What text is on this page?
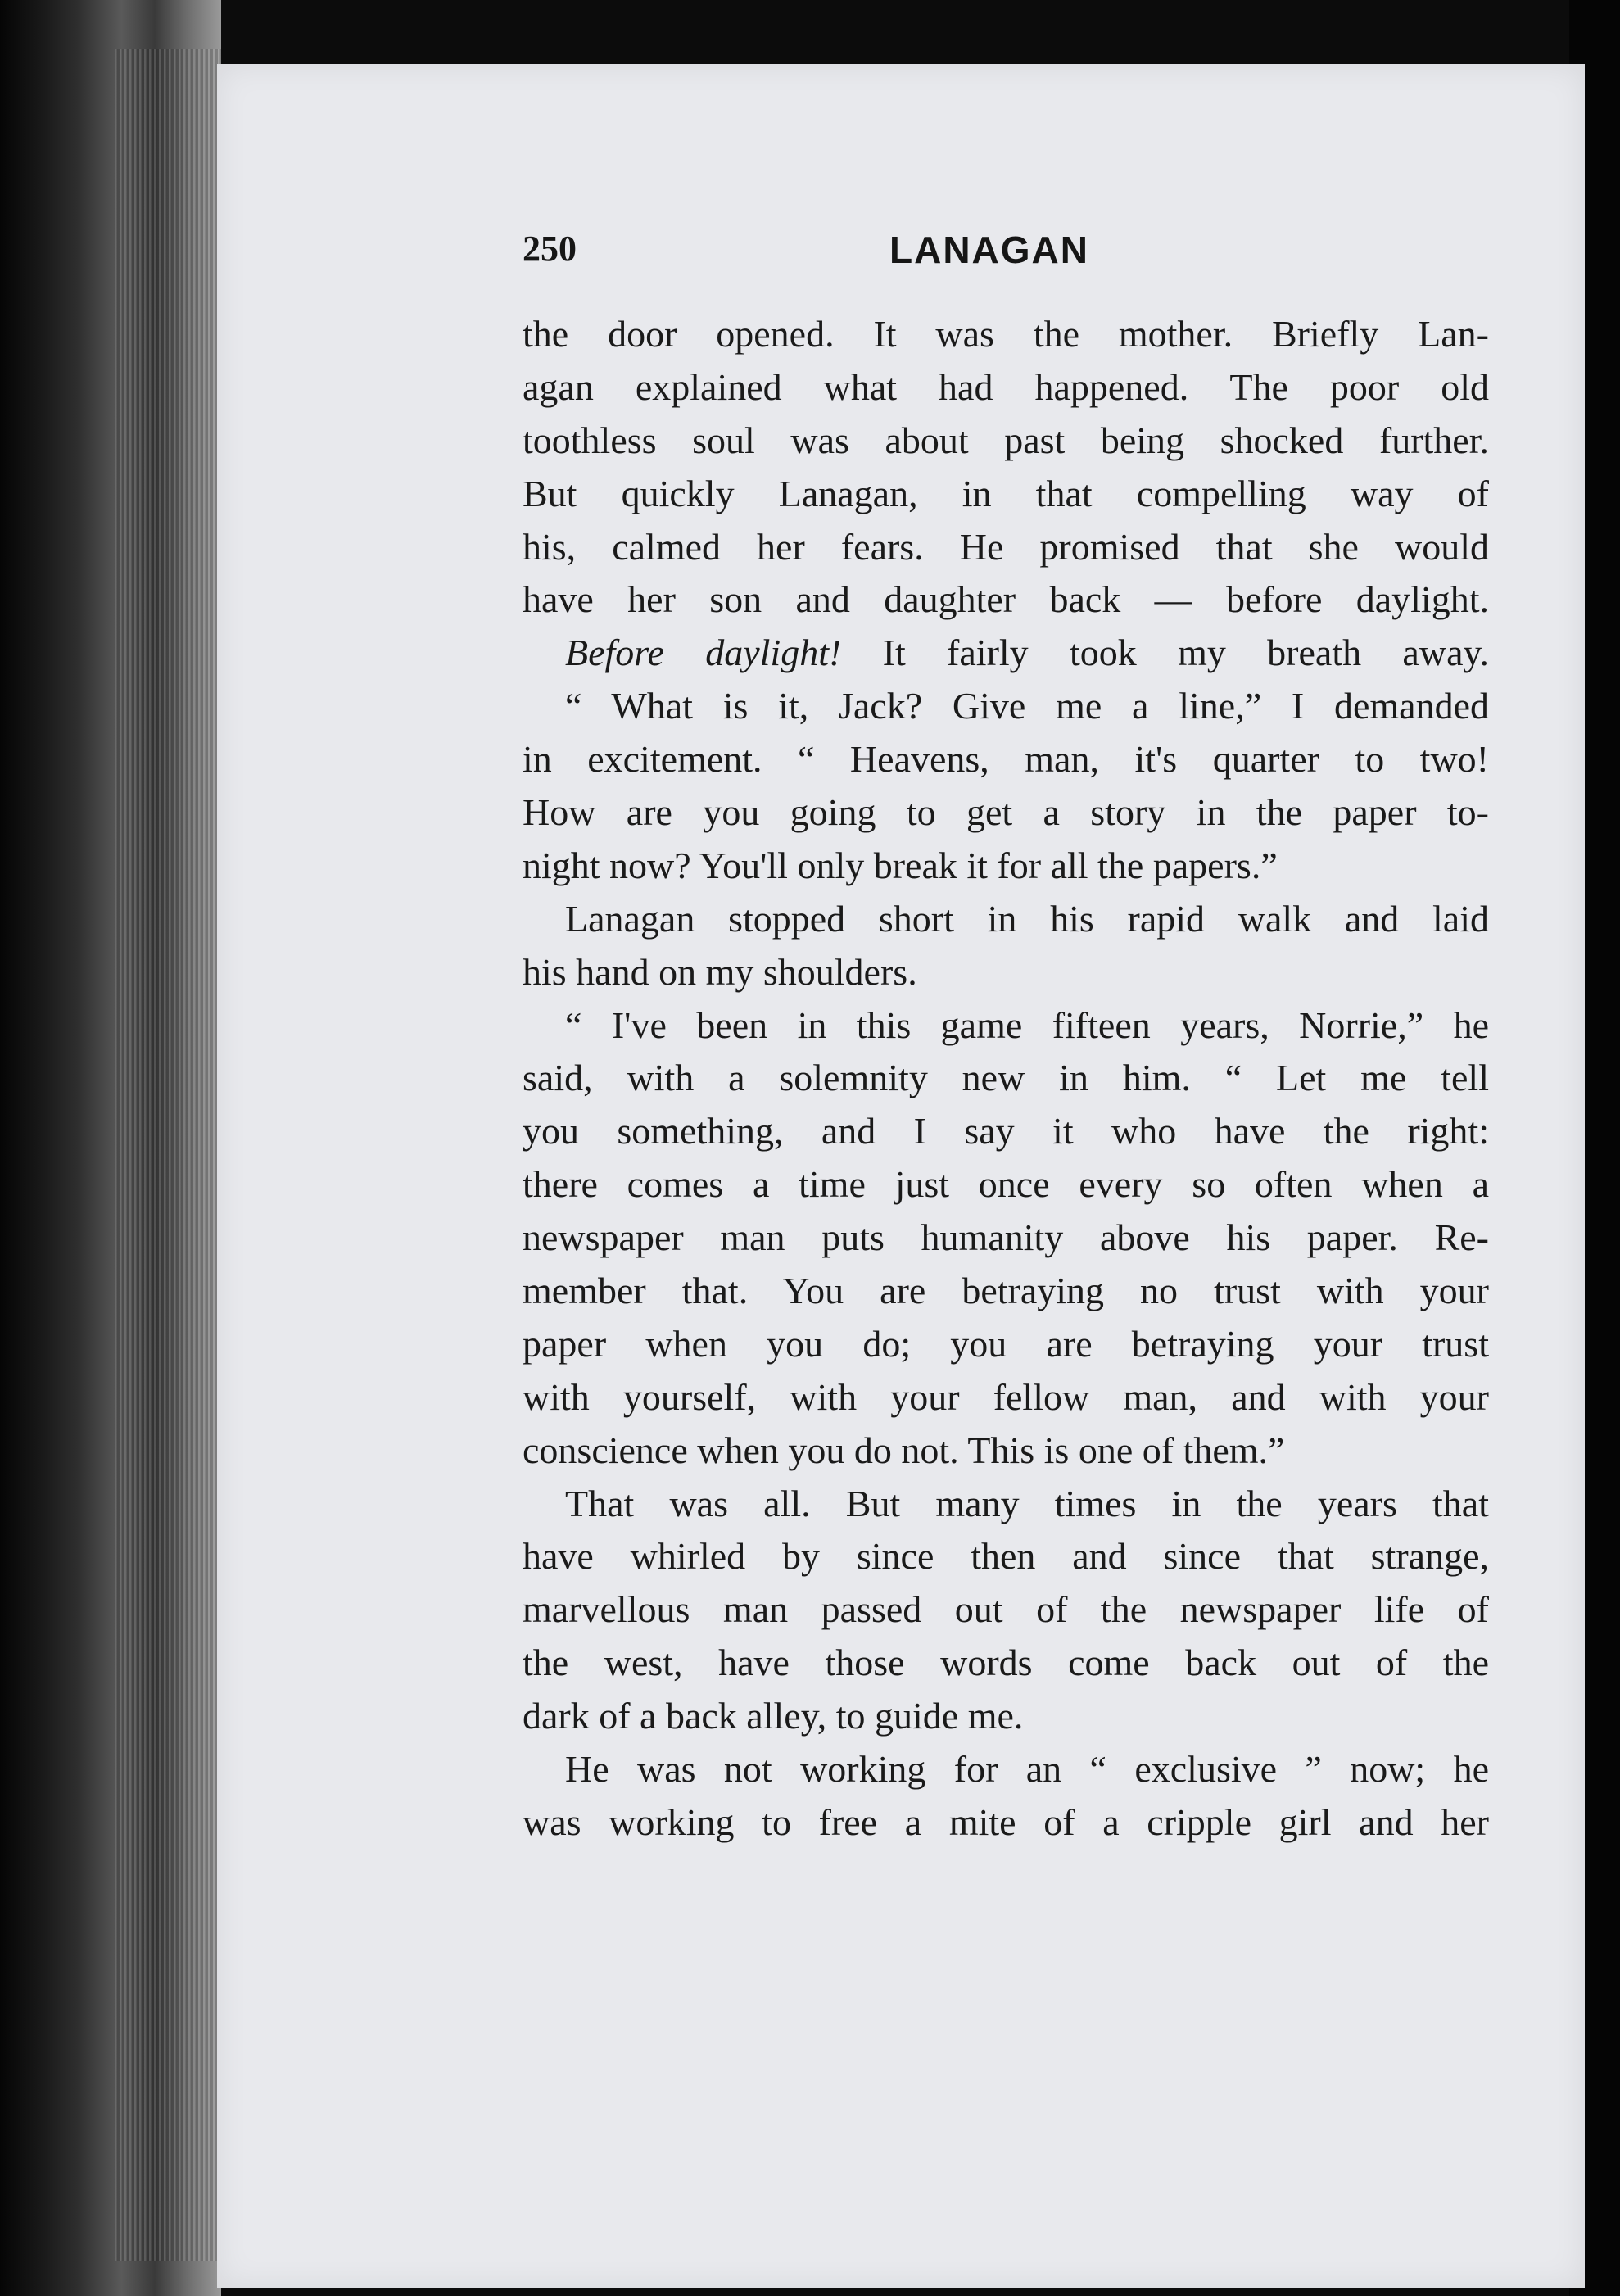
250	LANAGAN
the door opened. It was the mother. Briefly Lan-
agan explained what had happened. The poor old
toothless soul was about past being shocked further.
But quickly Lanagan, in that compelling way of
his, calmed her fears. He promised that she would
have her son and daughter back — before daylight.
Before daylight! It fairly took my breath away.
“ What is it, Jack? Give me a line,” I demanded
in excitement. “ Heavens, man, it's quarter to two!
How are you going to get a story in the paper to-
night now? You'll only break it for all the papers.”
Lanagan stopped short in his rapid walk and laid
his hand on my shoulders.
“ I've been in this game fifteen years, Norrie,” he
said, with a solemnity new in him. “ Let me tell
you something, and I say it who have the right:
there comes a time just once every so often when a
newspaper man puts humanity above his paper. Re-
member that. You are betraying no trust with your
paper when you do; you are betraying your trust
with yourself, with your fellow man, and with your
conscience when you do not. This is one of them.”
That was all. But many times in the years that
have whirled by since then and since that strange,
marvellous man passed out of the newspaper life of
the west, have those words come back out of the
dark of a back alley, to guide me.
He was not working for an “ exclusive ” now; he
was working to free a mite of a cripple girl and her
